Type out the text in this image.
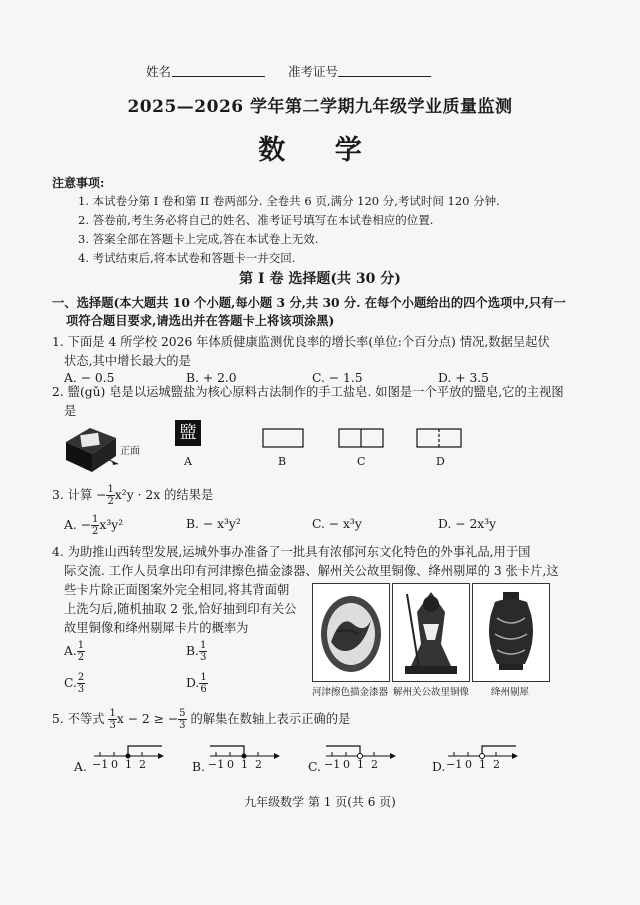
姓名	准考证号
2025—2026 学年第二学期九年级学业质量监测
数 学
注意事项:
1. 本试卷分第 I 卷和第 II 卷两部分. 全卷共 6 页,满分 120 分,考试时间 120 分钟.
2. 答卷前,考生务必将自己的姓名、准考证号填写在本试卷相应的位置.
3. 答案全部在答题卡上完成,答在本试卷上无效.
4. 考试结束后,将本试卷和答题卡一并交回.
第 I 卷 选择题(共 30 分)
一、选择题(本大题共 10 个小题,每小题 3 分,共 30 分. 在每个小题给出的四个选项中,只有一
项符合题目要求,请选出并在答题卡上将该项涂黑)
1. 下面是 4 所学校 2026 年体质健康监测优良率的增长率(单位:个百分点) 情况,数据呈起伏
状态,其中增长最大的是
A. − 0.5	B. + 2.0	C. − 1.5	D. + 3.5
2. 盬(gǔ) 皂是以运城盬盐为核心原料古法制作的手工盐皂. 如图是一个平放的盬皂,它的主视图
是
正面
盬
A	B	C	D
3. 计算 − $\frac{1}{2} x^2y \cdot 2x$ 的结果是
A. − $\frac{1}{2} x^3y^2$	B. − x³y²	C. − x³y	D. − 2x³y
4. 为助推山西转型发展,运城外事办准备了一批具有浓郁河东文化特色的外事礼品,用于国
际交流. 工作人员拿出印有河津擦色描金漆器、解州关公故里铜像、绛州剔犀的 3 张卡片,这
些卡片除正面图案外完全相同,将其背面朝
上洗匀后,随机抽取 2 张,恰好抽到印有关公
故里铜像和绛州剔犀卡片的概率为
A. $\frac{1}{2}$	B. $\frac{1}{3}$
C. $\frac{2}{3}$	D. $\frac{1}{6}$	河津擦色描金漆器 解州关公故里铜像	绛州剔犀
5. 不等式 $\frac{1}{3}$ x − 2 ≥ − $\frac{5}{3}$ 的解集在数轴上表示正确的是
A. −1 0 1 2	B. −1 0 1 2	C. −1 0 1 2	D. −1 0 1 2
九年级数学 第 1 页(共 6 页)
